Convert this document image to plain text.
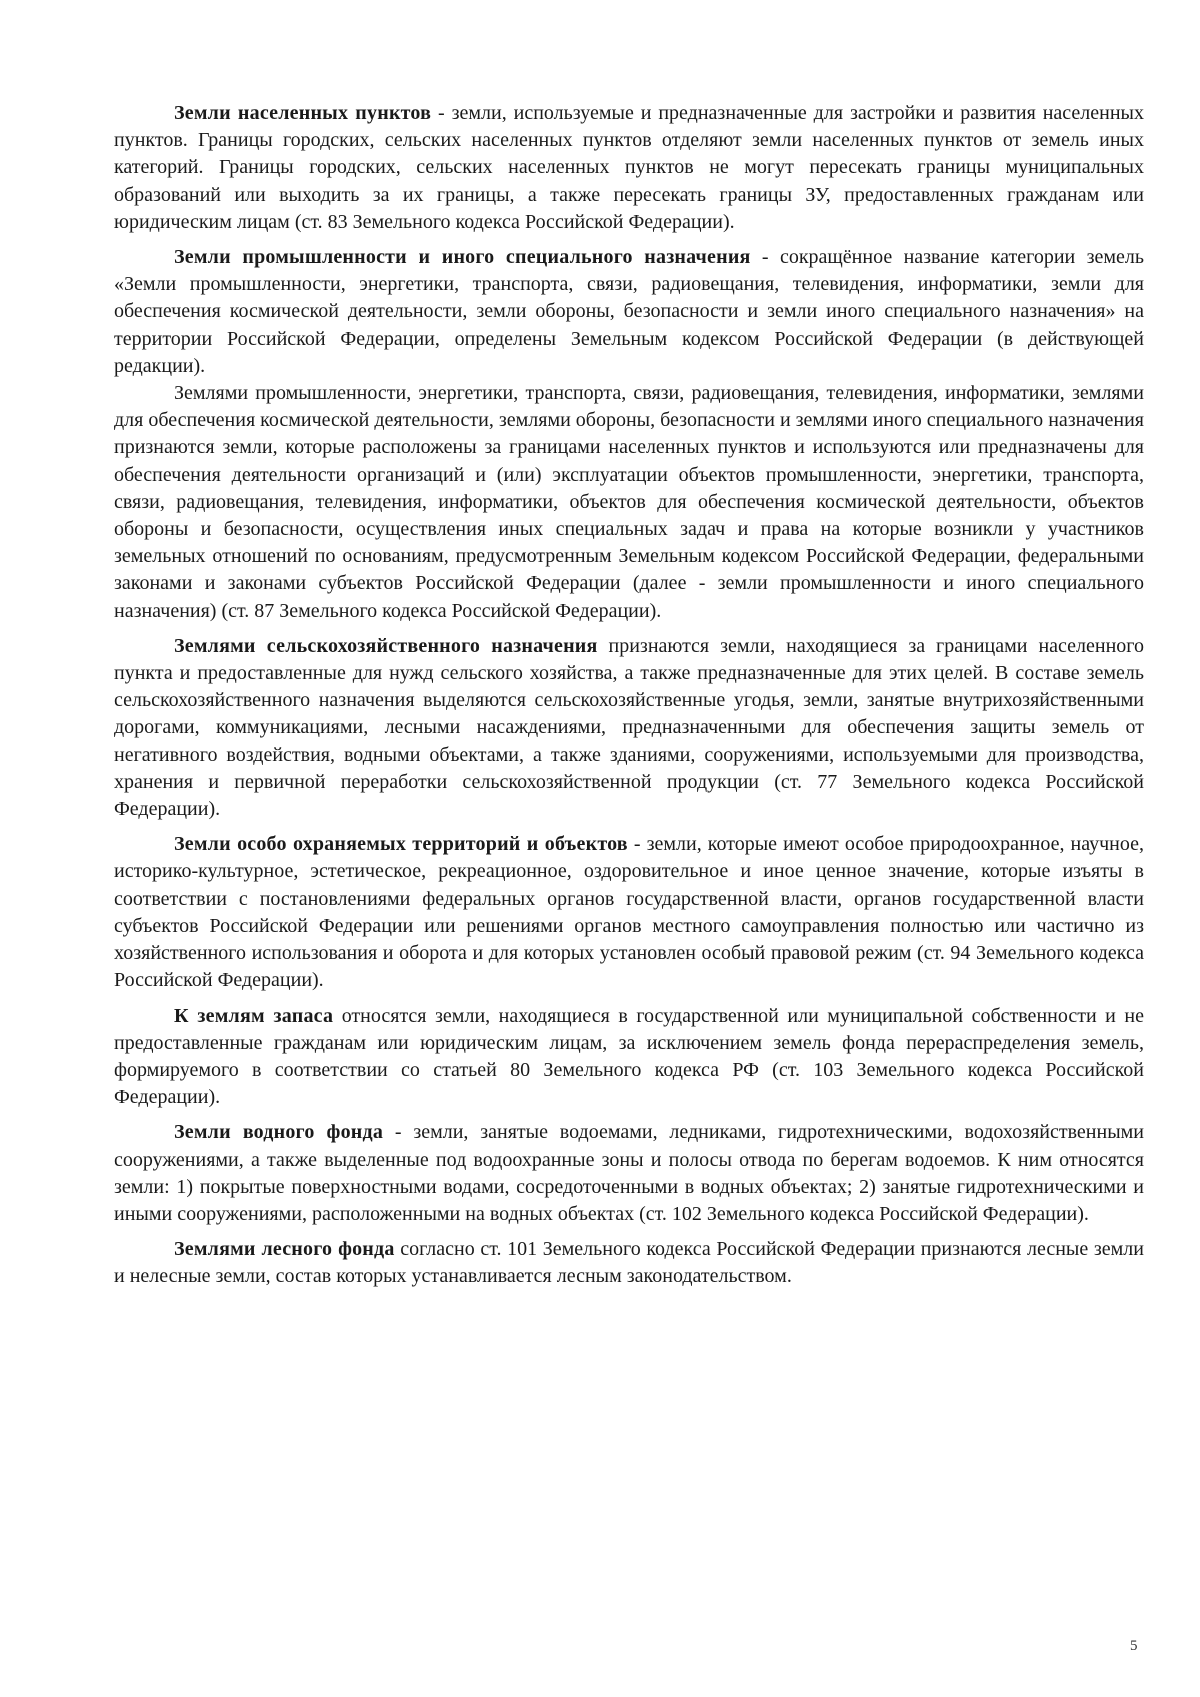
Земли населенных пунктов - земли, используемые и предназначенные для застройки и развития населенных пунктов. Границы городских, сельских населенных пунктов отделяют земли населенных пунктов от земель иных категорий. Границы городских, сельских населенных пунктов не могут пересекать границы муниципальных образований или выходить за их границы, а также пересекать границы ЗУ, предоставленных гражданам или юридическим лицам (ст. 83 Земельного кодекса Российской Федерации).

Земли промышленности и иного специального назначения - сокращённое название категории земель «Земли промышленности, энергетики, транспорта, связи, радиовещания, телевидения, информатики, земли для обеспечения космической деятельности, земли обороны, безопасности и земли иного специального назначения» на территории Российской Федерации, определены Земельным кодексом Российской Федерации (в действующей редакции).

Землями промышленности, энергетики, транспорта, связи, радиовещания, телевидения, информатики, землями для обеспечения космической деятельности, землями обороны, безопасности и землями иного специального назначения признаются земли, которые расположены за границами населенных пунктов и используются или предназначены для обеспечения деятельности организаций и (или) эксплуатации объектов промышленности, энергетики, транспорта, связи, радиовещания, телевидения, информатики, объектов для обеспечения космической деятельности, объектов обороны и безопасности, осуществления иных специальных задач и права на которые возникли у участников земельных отношений по основаниям, предусмотренным Земельным кодексом Российской Федерации, федеральными законами и законами субъектов Российской Федерации (далее - земли промышленности и иного специального назначения) (ст. 87 Земельного кодекса Российской Федерации).

Землями сельскохозяйственного назначения признаются земли, находящиеся за границами населенного пункта и предоставленные для нужд сельского хозяйства, а также предназначенные для этих целей. В составе земель сельскохозяйственного назначения выделяются сельскохозяйственные угодья, земли, занятые внутрихозяйственными дорогами, коммуникациями, лесными насаждениями, предназначенными для обеспечения защиты земель от негативного воздействия, водными объектами, а также зданиями, сооружениями, используемыми для производства, хранения и первичной переработки сельскохозяйственной продукции (ст. 77 Земельного кодекса Российской Федерации).

Земли особо охраняемых территорий и объектов - земли, которые имеют особое природоохранное, научное, историко-культурное, эстетическое, рекреационное, оздоровительное и иное ценное значение, которые изъяты в соответствии с постановлениями федеральных органов государственной власти, органов государственной власти субъектов Российской Федерации или решениями органов местного самоуправления полностью или частично из хозяйственного использования и оборота и для которых установлен особый правовой режим (ст. 94 Земельного кодекса Российской Федерации).

К землям запаса относятся земли, находящиеся в государственной или муниципальной собственности и не предоставленные гражданам или юридическим лицам, за исключением земель фонда перераспределения земель, формируемого в соответствии со статьей 80 Земельного кодекса РФ (ст. 103 Земельного кодекса Российской Федерации).

Земли водного фонда - земли, занятые водоемами, ледниками, гидротехническими, водохозяйственными сооружениями, а также выделенные под водоохранные зоны и полосы отвода по берегам водоемов. К ним относятся земли: 1) покрытые поверхностными водами, сосредоточенными в водных объектах; 2) занятые гидротехническими и иными сооружениями, расположенными на водных объектах (ст. 102 Земельного кодекса Российской Федерации).

Землями лесного фонда согласно ст. 101 Земельного кодекса Российской Федерации признаются лесные земли и нелесные земли, состав которых устанавливается лесным законодательством.

5
